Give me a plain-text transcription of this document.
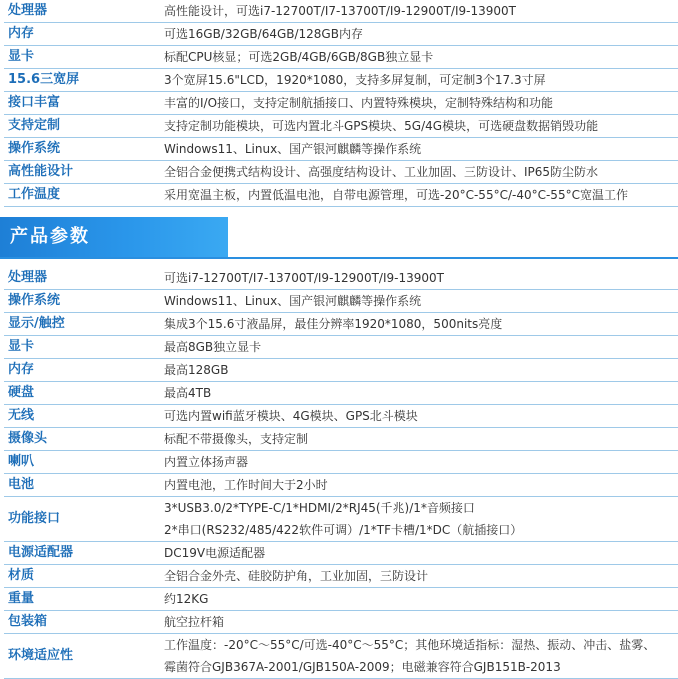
处理器	高性能设计，可选i7-12700T/I7-13700T/I9-12900T/I9-13900T
内存	可选16GB/32GB/64GB/128GB内存
显卡	标配CPU核显；可选2GB/4GB/6GB/8GB独立显卡
15.6三宽屏	3个宽屏15.6"LCD，1920*1080，支持多屏复制，可定制3个17.3寸屏
接口丰富	丰富的I/O接口，支持定制航插接口、内置特殊模块，定制特殊结构和功能
支持定制	支持定制功能模块，可选内置北斗GPS模块、5G/4G模块，可选硬盘数据销毁功能
操作系统	Windows11、Linux、国产银河麒麟等操作系统
高性能设计	全铝合金便携式结构设计、高强度结构设计、工业加固、三防设计、IP65防尘防水
工作温度	采用宽温主板，内置低温电池，自带电源管理，可选-20°C-55°C/-40°C-55°C宽温工作
产品参数
处理器	可选i7-12700T/I7-13700T/I9-12900T/I9-13900T
操作系统	Windows11、Linux、国产银河麒麟等操作系统
显示/触控	集成3个15.6寸液晶屏，最佳分辨率1920*1080，500nits亮度
显卡	最高8GB独立显卡
内存	最高128GB
硬盘	最高4TB
无线	可选内置wifi蓝牙模块、4G模块、GPS北斗模块
摄像头	标配不带摄像头，支持定制
喇叭	内置立体扬声器
电池	内置电池，工作时间大于2小时
功能接口	3*USB3.0/2*TYPE-C/1*HDMI/2*RJ45(千兆)/1*音频接口
2*串口(RS232/485/422软件可调）/1*TF卡槽/1*DC（航插接口）

电源适配器	DC19V电源适配器
材质	全铝合金外壳、硅胶防护角，工业加固，三防设计
重量	约12KG
包装箱	航空拉杆箱
环境适应性	工作温度：-20°C～55°C/可选-40°C～55°C；其他环境适指标：湿热、振动、冲击、盐雾、
霉菌符合GJB367A-2001/GJB150A-2009；电磁兼容符合GJB151B-2013
